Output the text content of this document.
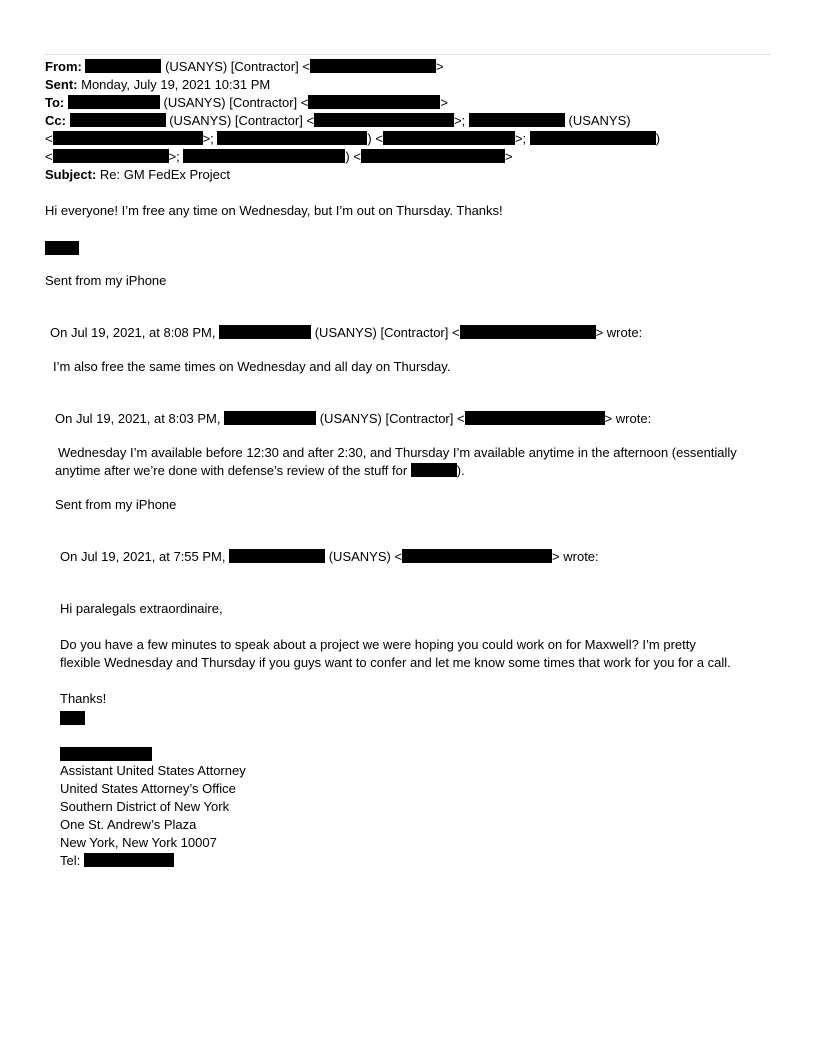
From:	(USANYS) [Contractor] <	>
Sent: Monday, July 19, 2021 10:31 PM
To:	(USANYS) [Contractor] <	>
Cc:	(USANYS) [Contractor] <	>;	(USANYS)
<	>;	) <	>;	)
<	>;	) <	>
Subject: Re: GM FedEx Project
Hi everyone! I’m free any time on Wednesday, but I’m out on Thursday. Thanks!
Sent from my iPhone
On Jul 19, 2021, at 8:08 PM,	(USANYS) [Contractor] <	> wrote:
I’m also free the same times on Wednesday and all day on Thursday.
On Jul 19, 2021, at 8:03 PM,	(USANYS) [Contractor] <	> wrote:
Wednesday I’m available before 12:30 and after 2:30, and Thursday I’m available anytime in the afternoon (essentially
anytime after we’re done with defense’s review of the stuff for	).
Sent from my iPhone
On Jul 19, 2021, at 7:55 PM,	(USANYS) <	> wrote:
Hi paralegals extraordinaire,
Do you have a few minutes to speak about a project we were hoping you could work on for Maxwell? I’m pretty
flexible Wednesday and Thursday if you guys want to confer and let me know some times that work for you for a call.
Thanks!
Assistant United States Attorney
United States Attorney’s Office
Southern District of New York
One St. Andrew’s Plaza
New York, New York 10007
Tel:
